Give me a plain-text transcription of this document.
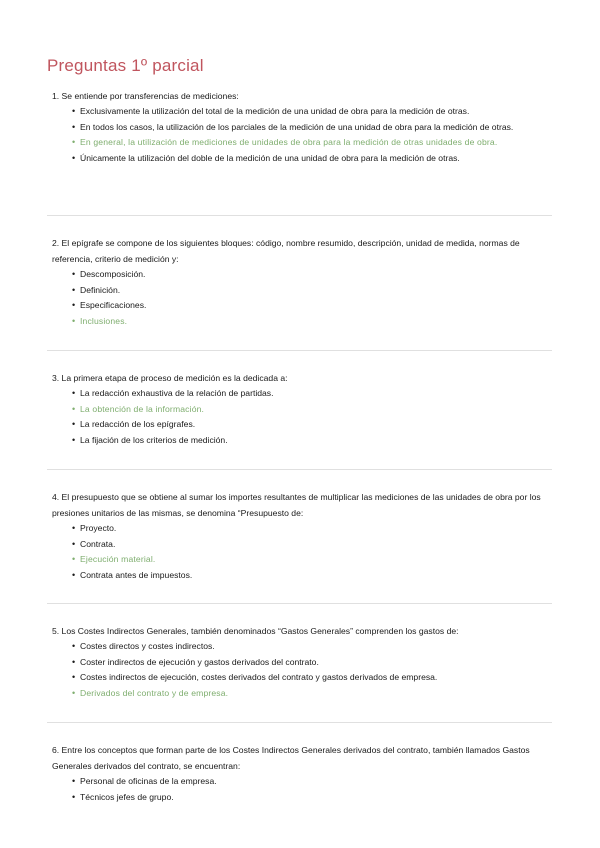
Preguntas 1º parcial
1. Se entiende por transferencias de mediciones:
• Exclusivamente la utilización del total de la medición de una unidad de obra para la medición de otras.
• En todos los casos, la utilización de los parciales de la medición de una unidad de obra para la medición de otras.
• En general, la utilización de mediciones de unidades de obra para la medición de otras unidades de obra.
• Únicamente la utilización del doble de la medición de una unidad de obra para la medición de otras.
2. El epígrafe se compone de los siguientes bloques: código, nombre resumido, descripción, unidad de medida, normas de referencia, criterio de medición y:
• Descomposición.
• Definición.
• Especificaciones.
• Inclusiones.
3. La primera etapa de proceso de medición es la dedicada a:
• La redacción exhaustiva de la relación de partidas.
• La obtención de la información.
• La redacción de los epígrafes.
• La fijación de los criterios de medición.
4. El presupuesto que se obtiene al sumar los importes resultantes de multiplicar las mediciones de las unidades de obra por los presiones unitarios de las mismas, se denomina “Presupuesto de:
• Proyecto.
• Contrata.
• Ejecución material.
• Contrata antes de impuestos.
5. Los Costes Indirectos Generales, también denominados “Gastos Generales” comprenden los gastos de:
• Costes directos y costes indirectos.
• Coster indirectos de ejecución y gastos derivados del contrato.
• Costes indirectos de ejecución, costes derivados del contrato y gastos derivados de empresa.
• Derivados del contrato y de empresa.
6. Entre los conceptos que forman parte de los Costes Indirectos Generales derivados del contrato, también llamados Gastos Generales derivados del contrato, se encuentran:
• Personal de oficinas de la empresa.
• Técnicos jefes de grupo.
